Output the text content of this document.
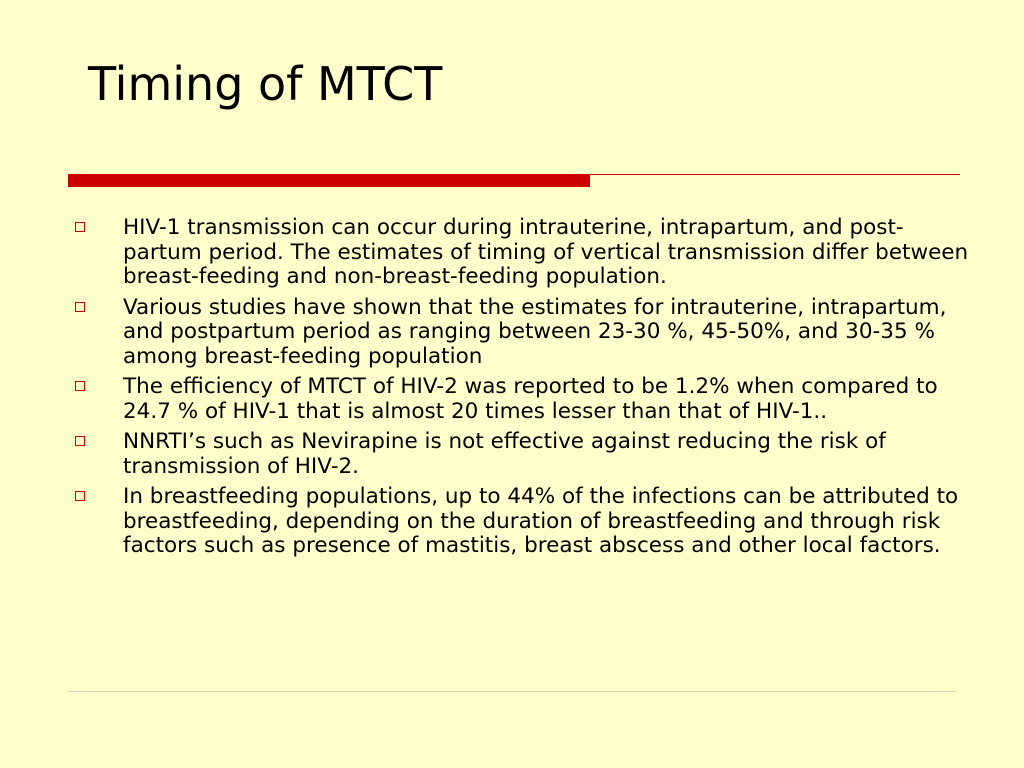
Timing of MTCT
HIV-1 transmission can occur during intrauterine, intrapartum, and post-partum period. The estimates of timing of vertical transmission differ between breast-feeding and non-breast-feeding population.
Various studies have shown that the estimates for intrauterine, intrapartum, and postpartum period as ranging between 23-30 %, 45-50%, and 30-35 % among breast-feeding population
The efficiency of MTCT of HIV-2 was reported to be 1.2% when compared to 24.7 % of HIV-1 that is almost 20 times lesser than that of HIV-1..
NNRTI’s such as Nevirapine is not effective against reducing the risk of transmission of HIV-2.
In breastfeeding populations, up to 44% of the infections can be attributed to breastfeeding, depending on the duration of breastfeeding and through risk factors such as presence of mastitis, breast abscess and other local factors.
